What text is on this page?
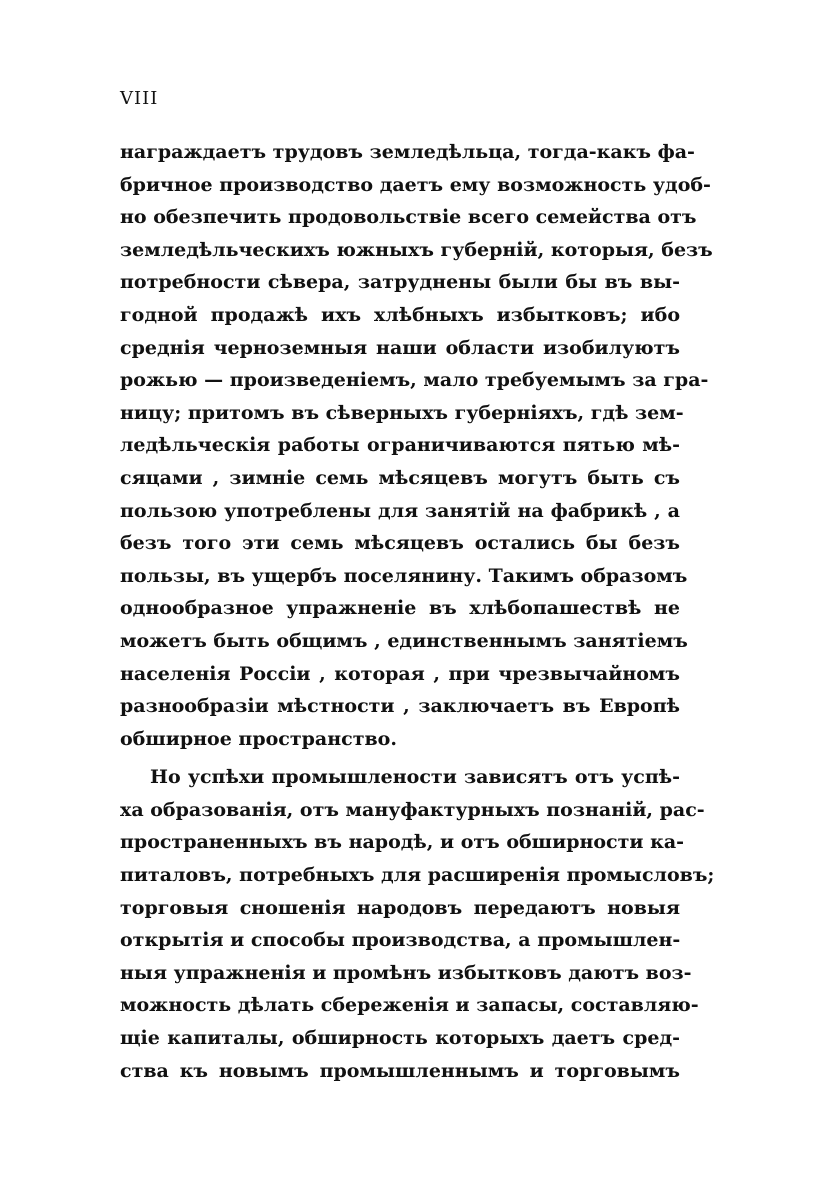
VIII
награждаетъ трудовъ земледѣльца, тогда-какъ фа-
бричное производство даетъ ему возможность удоб-
но обезпечить продовольствіе всего семейства отъ
земледѣльческихъ южныхъ губерній, которыя, безъ
потребности сѣвера, затруднены были бы въ вы-
годной продажѣ ихъ хлѣбныхъ избытковъ; ибо
среднія черноземныя наши области изобилуютъ
рожью — произведеніемъ, мало требуемымъ за гра-
ницу; притомъ въ сѣверныхъ губерніяхъ, гдѣ зем-
ледѣльческія работы ограничиваются пятью мѣ-
сяцами , зимніе семь мѣсяцевъ могутъ быть съ
пользою употреблены для занятій на фабрикѣ , а
безъ того эти семь мѣсяцевъ остались бы безъ
пользы, въ ущербъ поселянину. Такимъ образомъ
однообразное упражненіе въ хлѣбопашествѣ не
можетъ быть общимъ , единственнымъ занятіемъ
населенія Россіи , которая , при чрезвычайномъ
разнообразіи мѣстности , заключаетъ въ Европѣ
обширное пространство.
Но успѣхи промышлености зависятъ отъ успѣ-
ха образованія, отъ мануфактурныхъ познаній, рас-
пространенныхъ въ народѣ, и отъ обширности ка-
питаловъ, потребныхъ для расширенія промысловъ;
торговыя сношенія народовъ передаютъ новыя
открытія и способы производства, а промышлен-
ныя упражненія и промѣнъ избытковъ даютъ воз-
можность дѣлать сбереженія и запасы, составляю-
щіе капиталы, обширность которыхъ даетъ сред-
ства къ новымъ промышленнымъ и торговымъ
